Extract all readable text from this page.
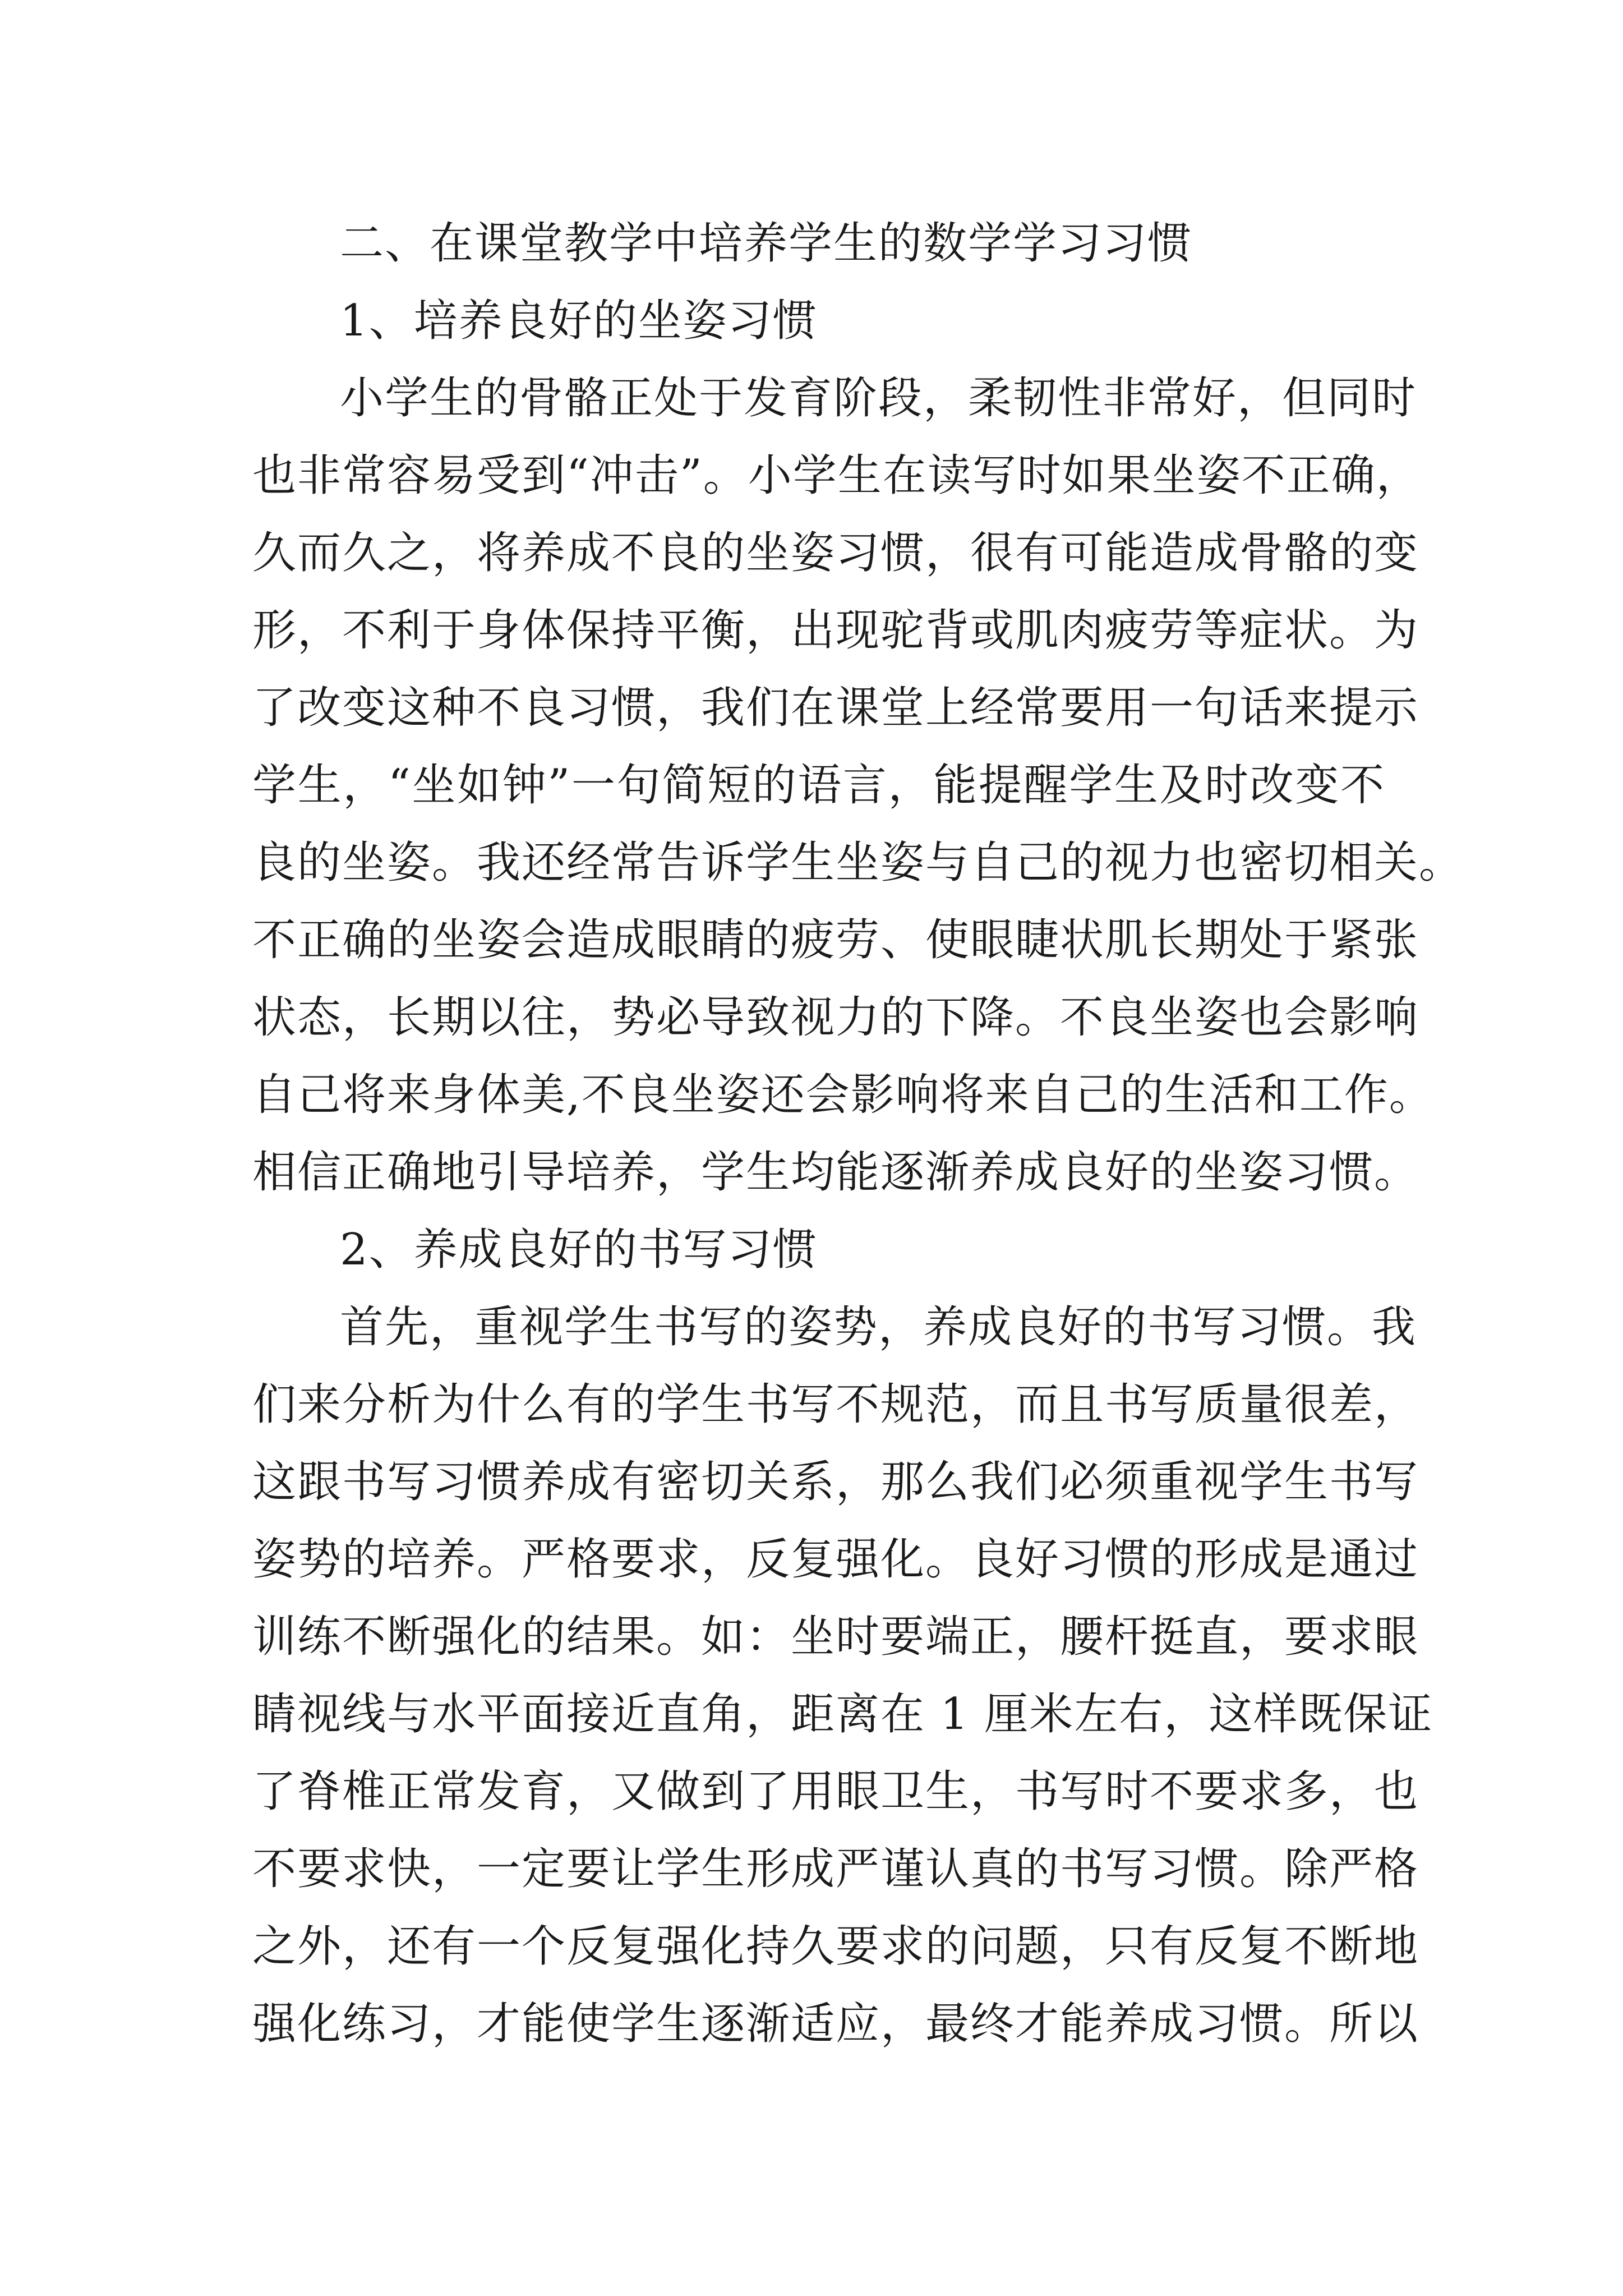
二、在课堂教学中培养学生的数学学习习惯
1、培养良好的坐姿习惯
小学生的骨骼正处于发育阶段，柔韧性非常好，但同时
也非常容易受到“冲击”。小学生在读写时如果坐姿不正确，
久而久之，将养成不良的坐姿习惯，很有可能造成骨骼的变
形，不利于身体保持平衡，出现驼背或肌肉疲劳等症状。为
了改变这种不良习惯，我们在课堂上经常要用一句话来提示
学生，“坐如钟”一句简短的语言，能提醒学生及时改变不
良的坐姿。我还经常告诉学生坐姿与自己的视力也密切相关。
不正确的坐姿会造成眼睛的疲劳、使眼睫状肌长期处于紧张
状态，长期以往，势必导致视力的下降。不良坐姿也会影响
自己将来身体美,不良坐姿还会影响将来自己的生活和工作。
相信正确地引导培养，学生均能逐渐养成良好的坐姿习惯。
2、养成良好的书写习惯
首先，重视学生书写的姿势，养成良好的书写习惯。我
们来分析为什么有的学生书写不规范，而且书写质量很差，
这跟书写习惯养成有密切关系，那么我们必须重视学生书写
姿势的培养。严格要求，反复强化。良好习惯的形成是通过
训练不断强化的结果。如：坐时要端正，腰杆挺直，要求眼
睛视线与水平面接近直角，距离在 1 厘米左右，这样既保证
了脊椎正常发育，又做到了用眼卫生，书写时不要求多，也
不要求快，一定要让学生形成严谨认真的书写习惯。除严格
之外，还有一个反复强化持久要求的问题，只有反复不断地
强化练习，才能使学生逐渐适应，最终才能养成习惯。所以
